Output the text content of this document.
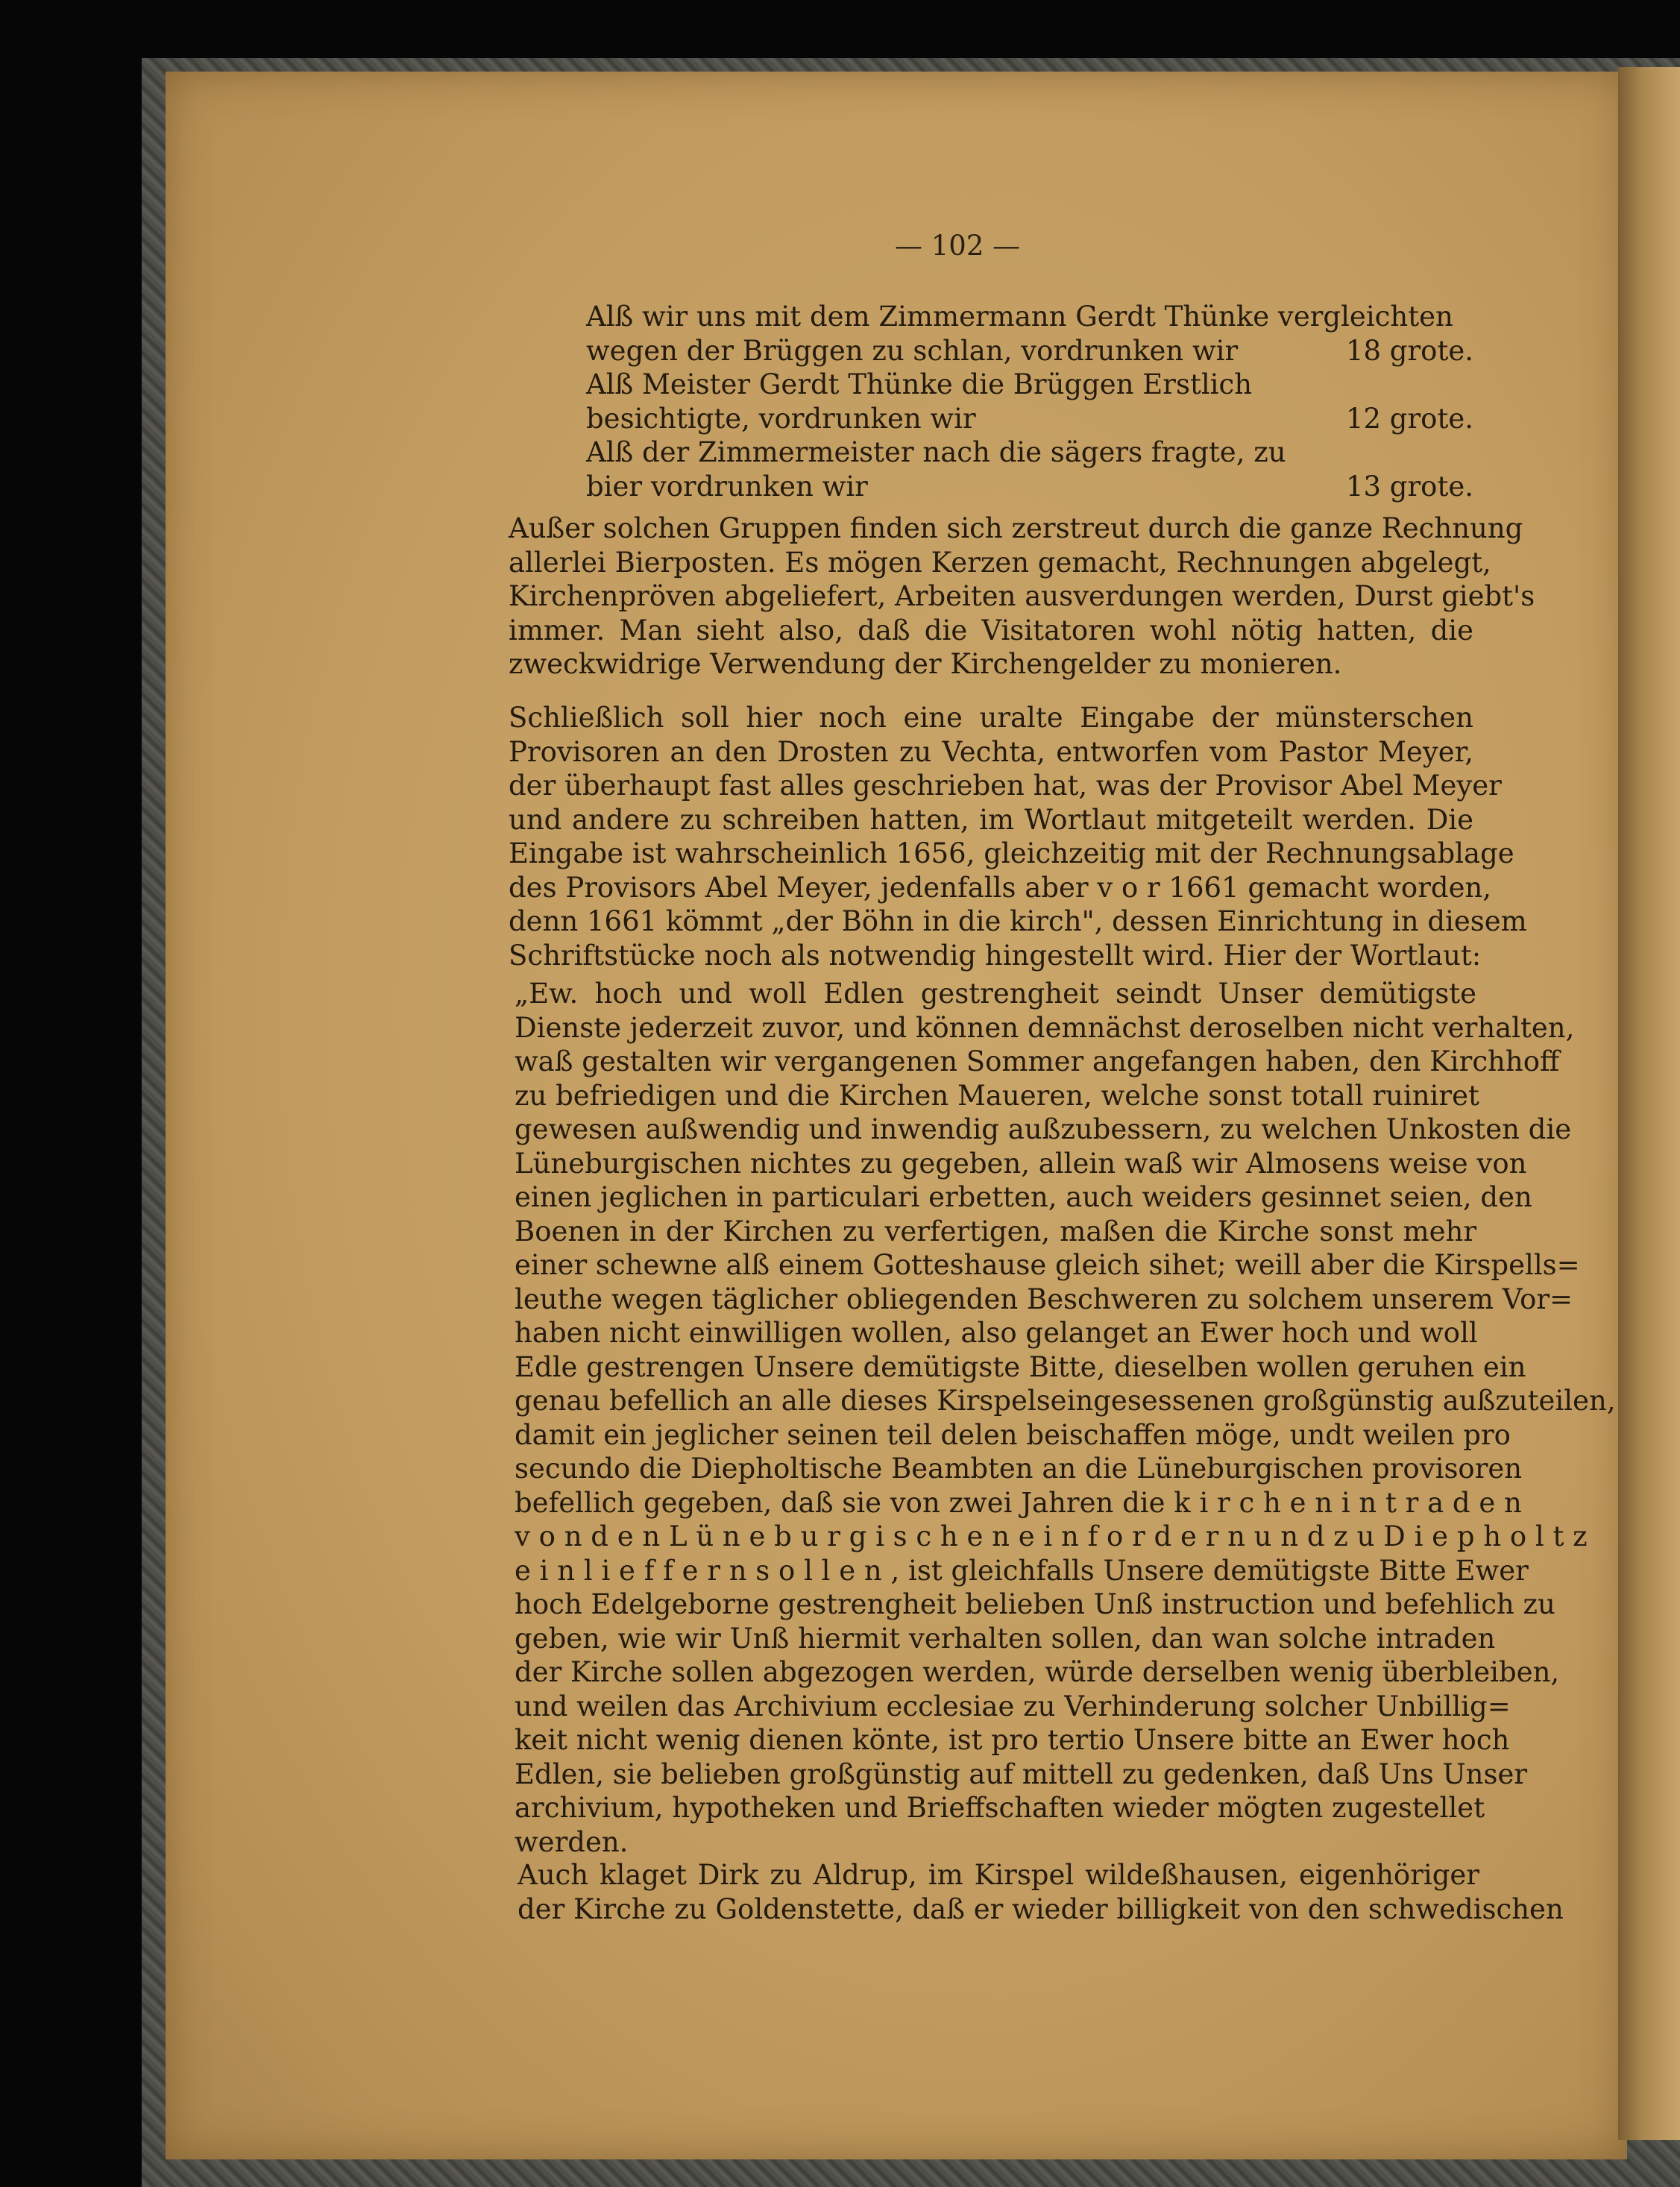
— 102 —
Alß wir uns mit dem Zimmermann Gerdt Thünke vergleichten
wegen der Brüggen zu schlan, vordrunken wir	18 grote.
Alß Meister Gerdt Thünke die Brüggen Erstlich
besichtigte, vordrunken wir	12 grote.
Alß der Zimmermeister nach die sägers fragte, zu
bier vordrunken wir	13 grote.
Außer solchen Gruppen finden sich zerstreut durch die ganze Rechnung
allerlei Bierposten. Es mögen Kerzen gemacht, Rechnungen abgelegt,
Kirchenpröven abgeliefert, Arbeiten ausverdungen werden, Durst giebt's
immer. Man sieht also, daß die Visitatoren wohl nötig hatten, die
zweckwidrige Verwendung der Kirchengelder zu monieren.
Schließlich soll hier noch eine uralte Eingabe der münsterschen
Provisoren an den Drosten zu Vechta, entworfen vom Pastor Meyer,
der überhaupt fast alles geschrieben hat, was der Provisor Abel Meyer
und andere zu schreiben hatten, im Wortlaut mitgeteilt werden. Die
Eingabe ist wahrscheinlich 1656, gleichzeitig mit der Rechnungsablage
des Provisors Abel Meyer, jedenfalls aber v o r 1661 gemacht worden,
denn 1661 kömmt „der Böhn in die kirch", dessen Einrichtung in diesem
Schriftstücke noch als notwendig hingestellt wird. Hier der Wortlaut:
„Ew. hoch und woll Edlen gestrengheit seindt Unser demütigste
Dienste jederzeit zuvor, und können demnächst deroselben nicht verhalten,
waß gestalten wir vergangenen Sommer angefangen haben, den Kirchhoff
zu befriedigen und die Kirchen Maueren, welche sonst totall ruiniret
gewesen außwendig und inwendig außzubessern, zu welchen Unkosten die
Lüneburgischen nichtes zu gegeben, allein waß wir Almosens weise von
einen jeglichen in particulari erbetten, auch weiders gesinnet seien, den
Boenen in der Kirchen zu verfertigen, maßen die Kirche sonst mehr
einer schewne alß einem Gotteshause gleich sihet; weill aber die Kirspells=
leuthe wegen täglicher obliegenden Beschweren zu solchem unserem Vor=
haben nicht einwilligen wollen, also gelanget an Ewer hoch und woll
Edle gestrengen Unsere demütigste Bitte, dieselben wollen geruhen ein
genau befellich an alle dieses Kirspelseingesessenen großgünstig außzuteilen,
damit ein jeglicher seinen teil delen beischaffen möge, undt weilen pro
secundo die Diepholtische Beambten an die Lüneburgischen provisoren
befellich gegeben, daß sie von zwei Jahren die k i r c h e n i n t r a d e n
v o n d e n L ü n e b u r g i s c h e n e i n f o r d e r n u n d z u D i e p h o l t z
e i n l i e f f e r n s o l l e n , ist gleichfalls Unsere demütigste Bitte Ewer
hoch Edelgeborne gestrengheit belieben Unß instruction und befehlich zu
geben, wie wir Unß hiermit verhalten sollen, dan wan solche intraden
der Kirche sollen abgezogen werden, würde derselben wenig überbleiben,
und weilen das Archivium ecclesiae zu Verhinderung solcher Unbillig=
keit nicht wenig dienen könte, ist pro tertio Unsere bitte an Ewer hoch
Edlen, sie belieben großgünstig auf mittell zu gedenken, daß Uns Unser
archivium, hypotheken und Brieffschaften wieder mögten zugestellet
werden.
Auch klaget Dirk zu Aldrup, im Kirspel wildeßhausen, eigenhöriger
der Kirche zu Goldenstette, daß er wieder billigkeit von den schwedischen
